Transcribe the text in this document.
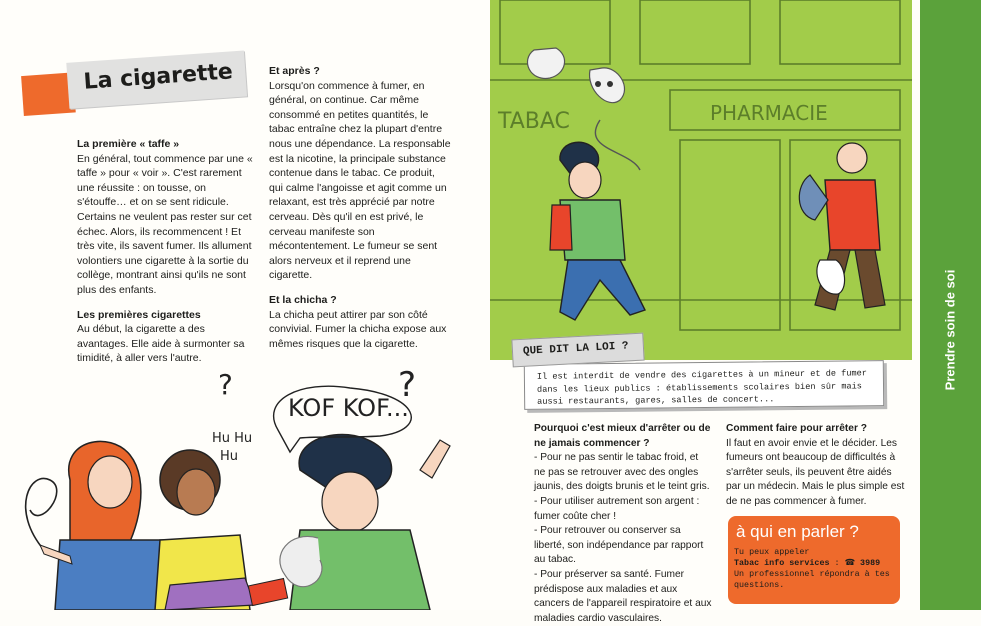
La cigarette
La première « taffe »

En général, tout commence par une « taffe » pour « voir ». C'est rarement une réussite : on tousse, on s'étouffe… et on se sent ridicule. Certains ne veulent pas rester sur cet échec. Alors, ils recommencent ! Et très vite, ils savent fumer. Ils allument volontiers une cigarette à la sortie du collège, montrant ainsi qu'ils ne sont plus des enfants.

Les premières cigarettes

Au début, la cigarette a des avantages. Elle aide à surmonter sa timidité, à aller vers l'autre.

Et après ?

Lorsqu'on commence à fumer, en général, on continue. Car même consommé en petites quantités, le tabac entraîne chez la plupart d'entre nous une dépendance. La responsable est la nicotine, la principale substance contenue dans le tabac. Ce produit, qui calme l'angoisse et agit comme un relaxant, est très apprécié par notre cerveau. Dès qu'il en est privé, le cerveau manifeste son mécontentement. Le fumeur se sent alors nerveux et il reprend une cigarette.

Et la chicha ?

La chicha peut attirer par son côté convivial. Fumer la chicha expose aux mêmes risques que la cigarette.

Hu Hu
Hu
KOF KOF...
?
?
TABAC	PHARMACIE
Prendre soin de soi
Il est interdit de vendre des cigarettes à un mineur et de fumer dans les lieux publics : établissements scolaires bien sûr mais aussi restaurants, gares, salles de concert...
QUE DIT LA LOI ?
Pourquoi c'est mieux d'arrêter ou de ne jamais commencer ?

- Pour ne pas sentir le tabac froid, et ne pas se retrouver avec des ongles jaunis, des doigts brunis et le teint gris.

- Pour utiliser autrement son argent : fumer coûte cher !

- Pour retrouver ou conserver sa liberté, son indépendance par rapport au tabac.

- Pour préserver sa santé. Fumer prédispose aux maladies et aux cancers de l'appareil respiratoire et aux maladies cardio vasculaires.

Comment faire pour arrêter ?

Il faut en avoir envie et le décider. Les fumeurs ont beaucoup de difficultés à s'arrêter seuls, ils peuvent être aidés par un médecin. Mais le plus simple est de ne pas commencer à fumer.

à qui en parler ?
Tu peux appeler
Tabac info services : ☎ 3989
Un professionnel répondra à tes questions.
